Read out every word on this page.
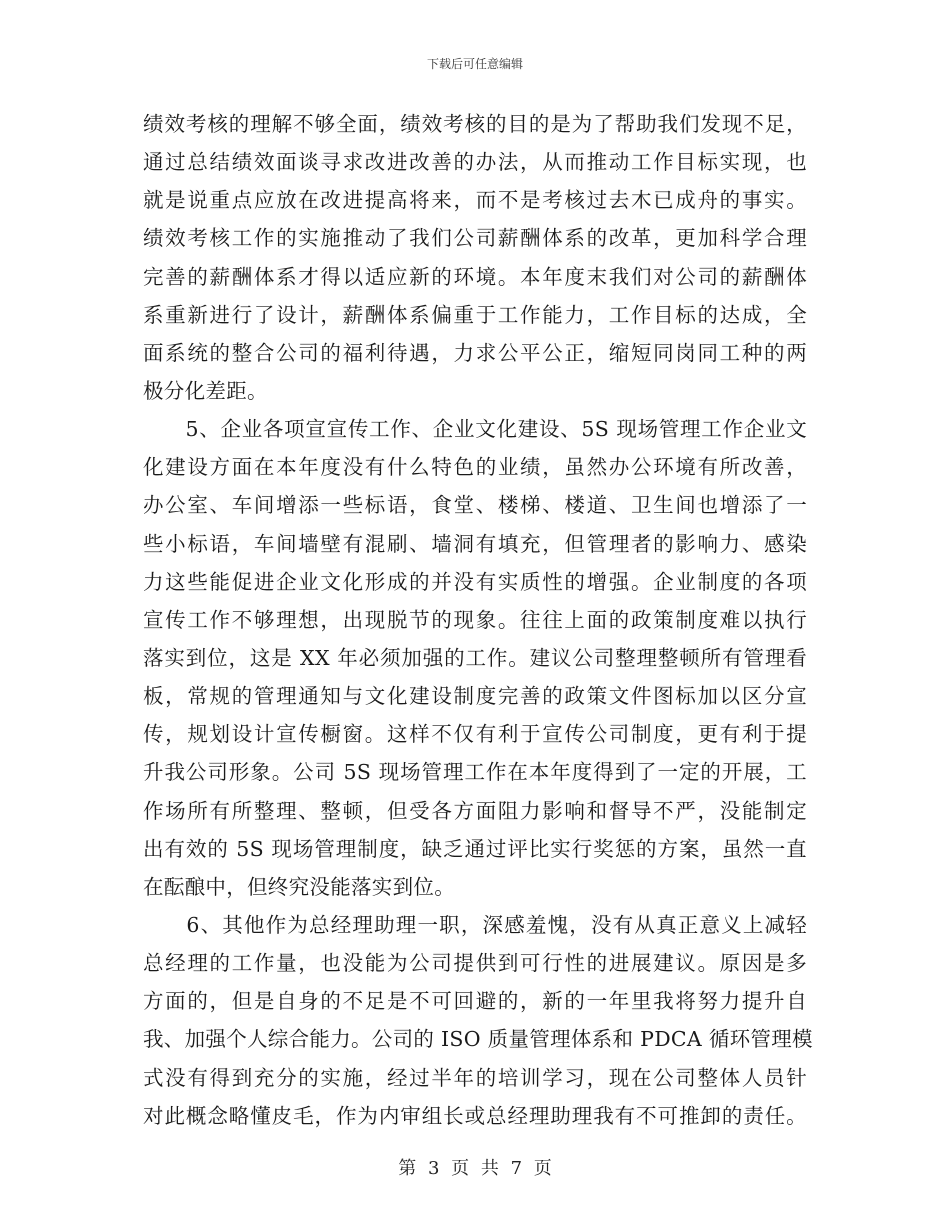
下载后可任意编辑
绩效考核的理解不够全面，绩效考核的目的是为了帮助我们发现不足，
通过总结绩效面谈寻求改进改善的办法，从而推动工作目标实现，也
就是说重点应放在改进提高将来，而不是考核过去木已成舟的事实。
绩效考核工作的实施推动了我们公司薪酬体系的改革，更加科学合理
完善的薪酬体系才得以适应新的环境。本年度末我们对公司的薪酬体
系重新进行了设计，薪酬体系偏重于工作能力，工作目标的达成，全
面系统的整合公司的福利待遇，力求公平公正，缩短同岗同工种的两
极分化差距。
　　5、企业各项宣宣传工作、企业文化建设、5S 现场管理工作企业文
化建设方面在本年度没有什么特色的业绩，虽然办公环境有所改善，
办公室、车间增添一些标语，食堂、楼梯、楼道、卫生间也增添了一
些小标语，车间墙壁有混刷、墙洞有填充，但管理者的影响力、感染
力这些能促进企业文化形成的并没有实质性的增强。企业制度的各项
宣传工作不够理想，出现脱节的现象。往往上面的政策制度难以执行
落实到位，这是 XX 年必须加强的工作。建议公司整理整顿所有管理看
板，常规的管理通知与文化建设制度完善的政策文件图标加以区分宣
传，规划设计宣传橱窗。这样不仅有利于宣传公司制度，更有利于提
升我公司形象。公司 5S 现场管理工作在本年度得到了一定的开展，工
作场所有所整理、整顿，但受各方面阻力影响和督导不严，没能制定
出有效的 5S 现场管理制度，缺乏通过评比实行奖惩的方案，虽然一直
在酝酿中，但终究没能落实到位。
　　6、其他作为总经理助理一职，深感羞愧，没有从真正意义上减轻
总经理的工作量，也没能为公司提供到可行性的进展建议。原因是多
方面的，但是自身的不足是不可回避的，新的一年里我将努力提升自
我、加强个人综合能力。公司的 ISO 质量管理体系和 PDCA 循环管理模
式没有得到充分的实施，经过半年的培训学习，现在公司整体人员针
对此概念略懂皮毛，作为内审组长或总经理助理我有不可推卸的责任。
第 3 页 共 7 页
